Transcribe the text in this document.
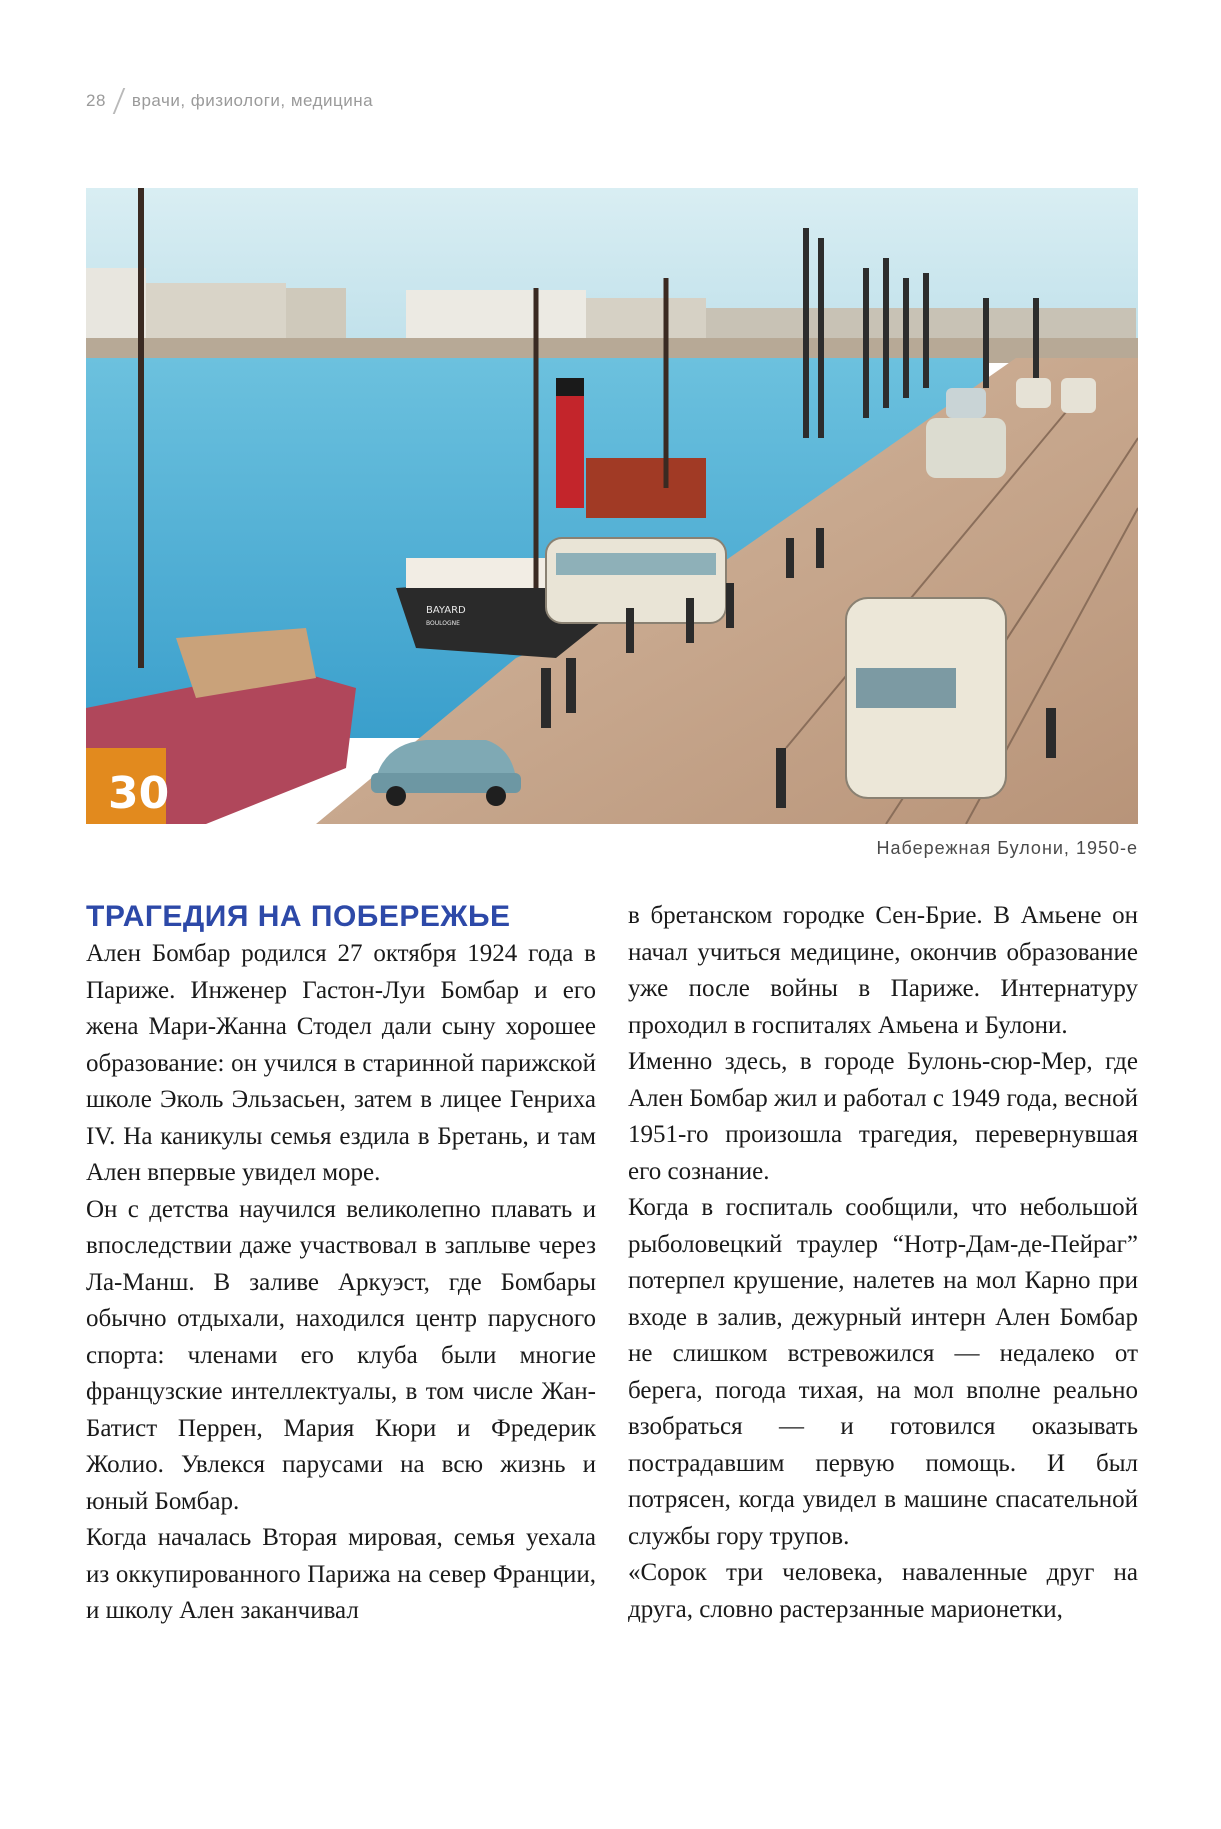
28 врачи, физиологи, медицина
BAYARD
BOULOGNE
30
Набережная Булони, 1950-е
ТРАГЕДИЯ НА ПОБЕРЕЖЬЕ

Ален Бомбар родился 27 октября 1924 года в Париже. Инженер Гастон-Луи Бомбар и его жена Мари-Жанна Стодел дали сыну хорошее образование: он учился в старинной парижской школе Эколь Эльзасьен, затем в лицее Генриха IV. На каникулы семья ездила в Бретань, и там Ален впервые увидел море.

Он с детства научился великолепно плавать и впоследствии даже участвовал в заплыве через Ла-Манш. В заливе Аркуэст, где Бомбары обычно отдыхали, находился центр парусного спорта: членами его клуба были многие французские интеллектуалы, в том числе Жан-Батист Перрен, Мария Кюри и Фредерик Жолио. Увлекся парусами на всю жизнь и юный Бомбар.

Когда началась Вторая мировая, семья уехала из оккупированного Парижа на север Франции, и школу Ален заканчивал

в бретанском городке Сен-Брие. В Амьене он начал учиться медицине, окончив образование уже после войны в Париже. Интернатуру проходил в госпиталях Амьена и Булони.

Именно здесь, в городе Булонь-сюр-Мер, где Ален Бомбар жил и работал с 1949 года, весной 1951-го произошла трагедия, перевернувшая его сознание.

Когда в госпиталь сообщили, что небольшой рыболовецкий траулер “Нотр-Дам-де-Пейраг” потерпел крушение, налетев на мол Карно при входе в залив, дежурный интерн Ален Бомбар не слишком встревожился — недалеко от берега, погода тихая, на мол вполне реально взобраться — и готовился оказывать пострадавшим первую помощь. И был потрясен, когда увидел в машине спасательной службы гору трупов.

«Сорок три человека, наваленные друг на друга, словно растерзанные марионетки,
